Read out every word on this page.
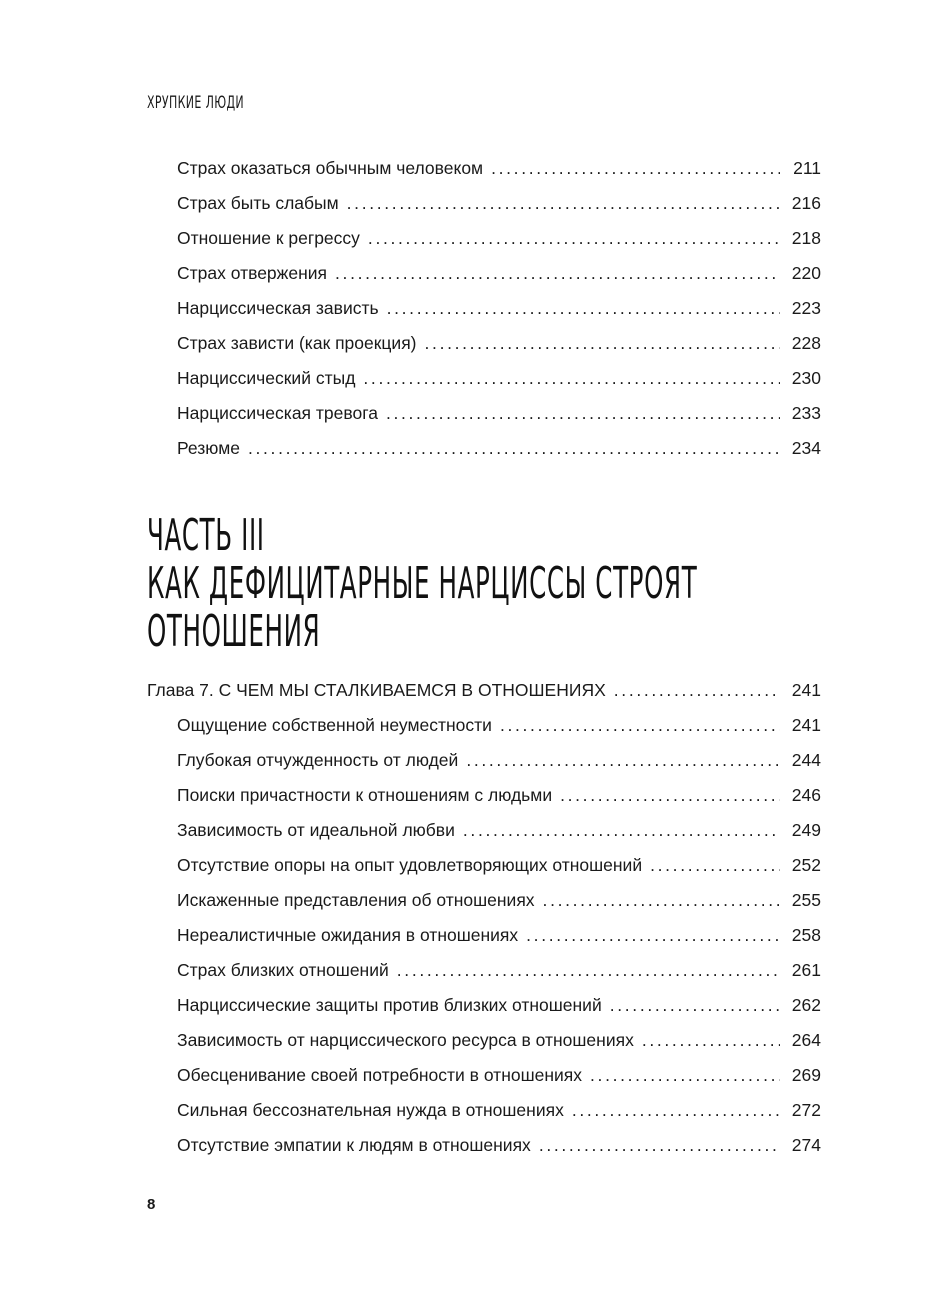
ХРУПКИЕ ЛЮДИ
Страх оказаться обычным человеком . . .	211
Страх быть слабым . . .	216
Отношение к регрессу . . .	218
Страх отвержения . . .	220
Нарциссическая зависть . . .	223
Страх зависти (как проекция) . . .	228
Нарциссический стыд . . .	230
Нарциссическая тревога . . .	233
Резюме . . .	234
ЧАСТЬ III
КАК ДЕФИЦИТАРНЫЕ НАРЦИССЫ СТРОЯТ
ОТНОШЕНИЯ
Глава 7. С ЧЕМ МЫ СТАЛКИВАЕМСЯ В ОТНОШЕНИЯХ . . .	241
Ощущение собственной неуместности . . .	241
Глубокая отчужденность от людей . . .	244
Поиски причастности к отношениям с людьми . . .	246
Зависимость от идеальной любви . . .	249
Отсутствие опоры на опыт удовлетворяющих отношений . . .	252
Искаженные представления об отношениях . . .	255
Нереалистичные ожидания в отношениях . . .	258
Страх близких отношений . . .	261
Нарциссические защиты против близких отношений . . .	262
Зависимость от нарциссического ресурса в отношениях . . .	264
Обесценивание своей потребности в отношениях . . .	269
Сильная бессознательная нужда в отношениях . . .	272
Отсутствие эмпатии к людям в отношениях . . .	274
8
